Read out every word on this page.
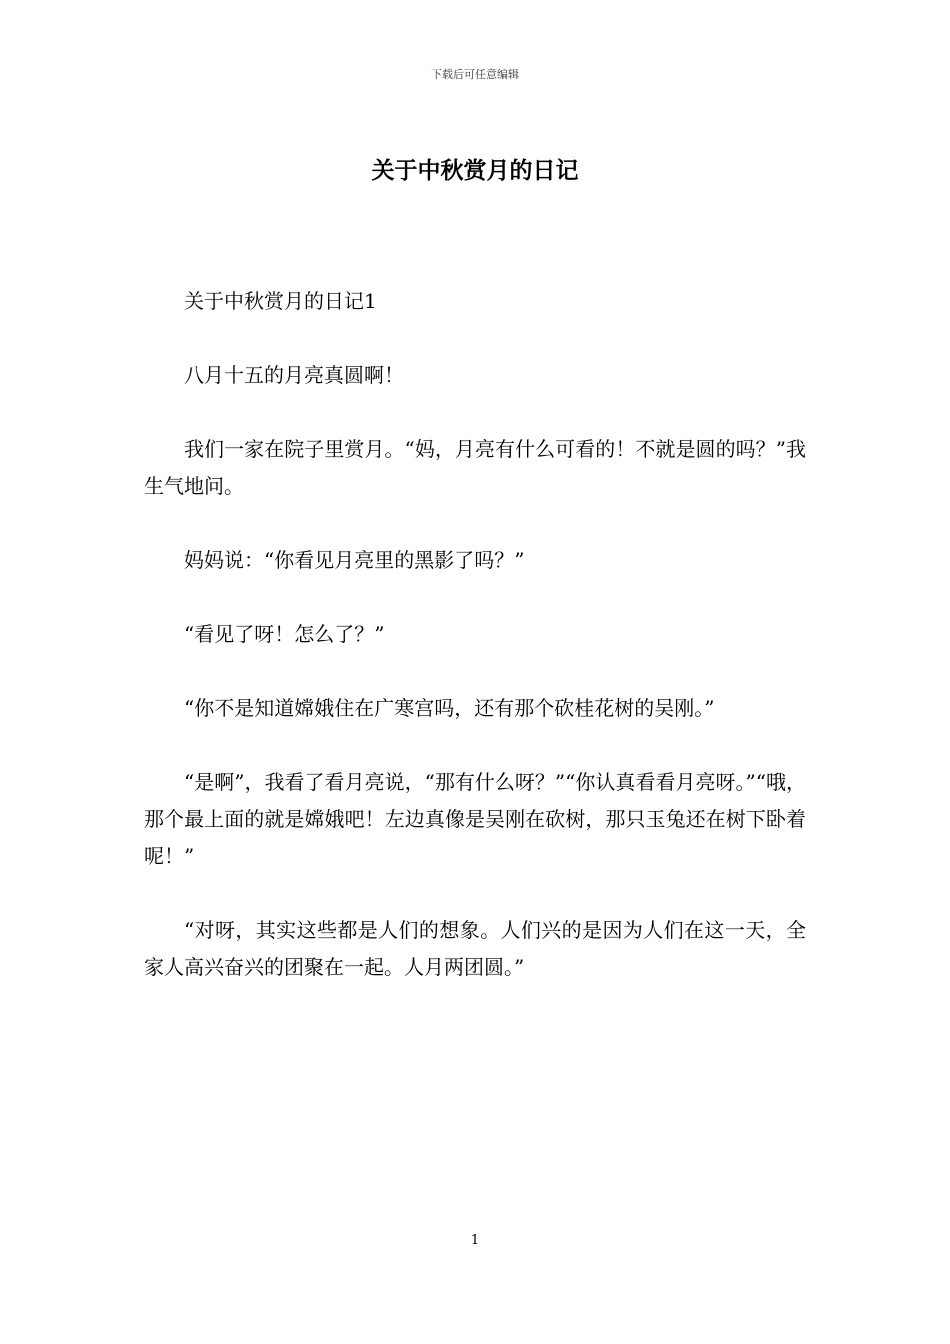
下载后可任意编辑
关于中秋赏月的日记

关于中秋赏月的日记1

八月十五的月亮真圆啊！

我们一家在院子里赏月。“妈，月亮有什么可看的！不就是圆的吗？”我生气地问。

妈妈说：“你看见月亮里的黑影了吗？”

“看见了呀！怎么了？”

“你不是知道嫦娥住在广寒宫吗，还有那个砍桂花树的吴刚。”

“是啊”，我看了看月亮说，“那有什么呀？”“你认真看看月亮呀。”“哦，那个最上面的就是嫦娥吧！左边真像是吴刚在砍树，那只玉兔还在树下卧着呢！”

“对呀，其实这些都是人们的想象。人们兴的是因为人们在这一天，全家人高兴奋兴的团聚在一起。人月两团圆。”

1
